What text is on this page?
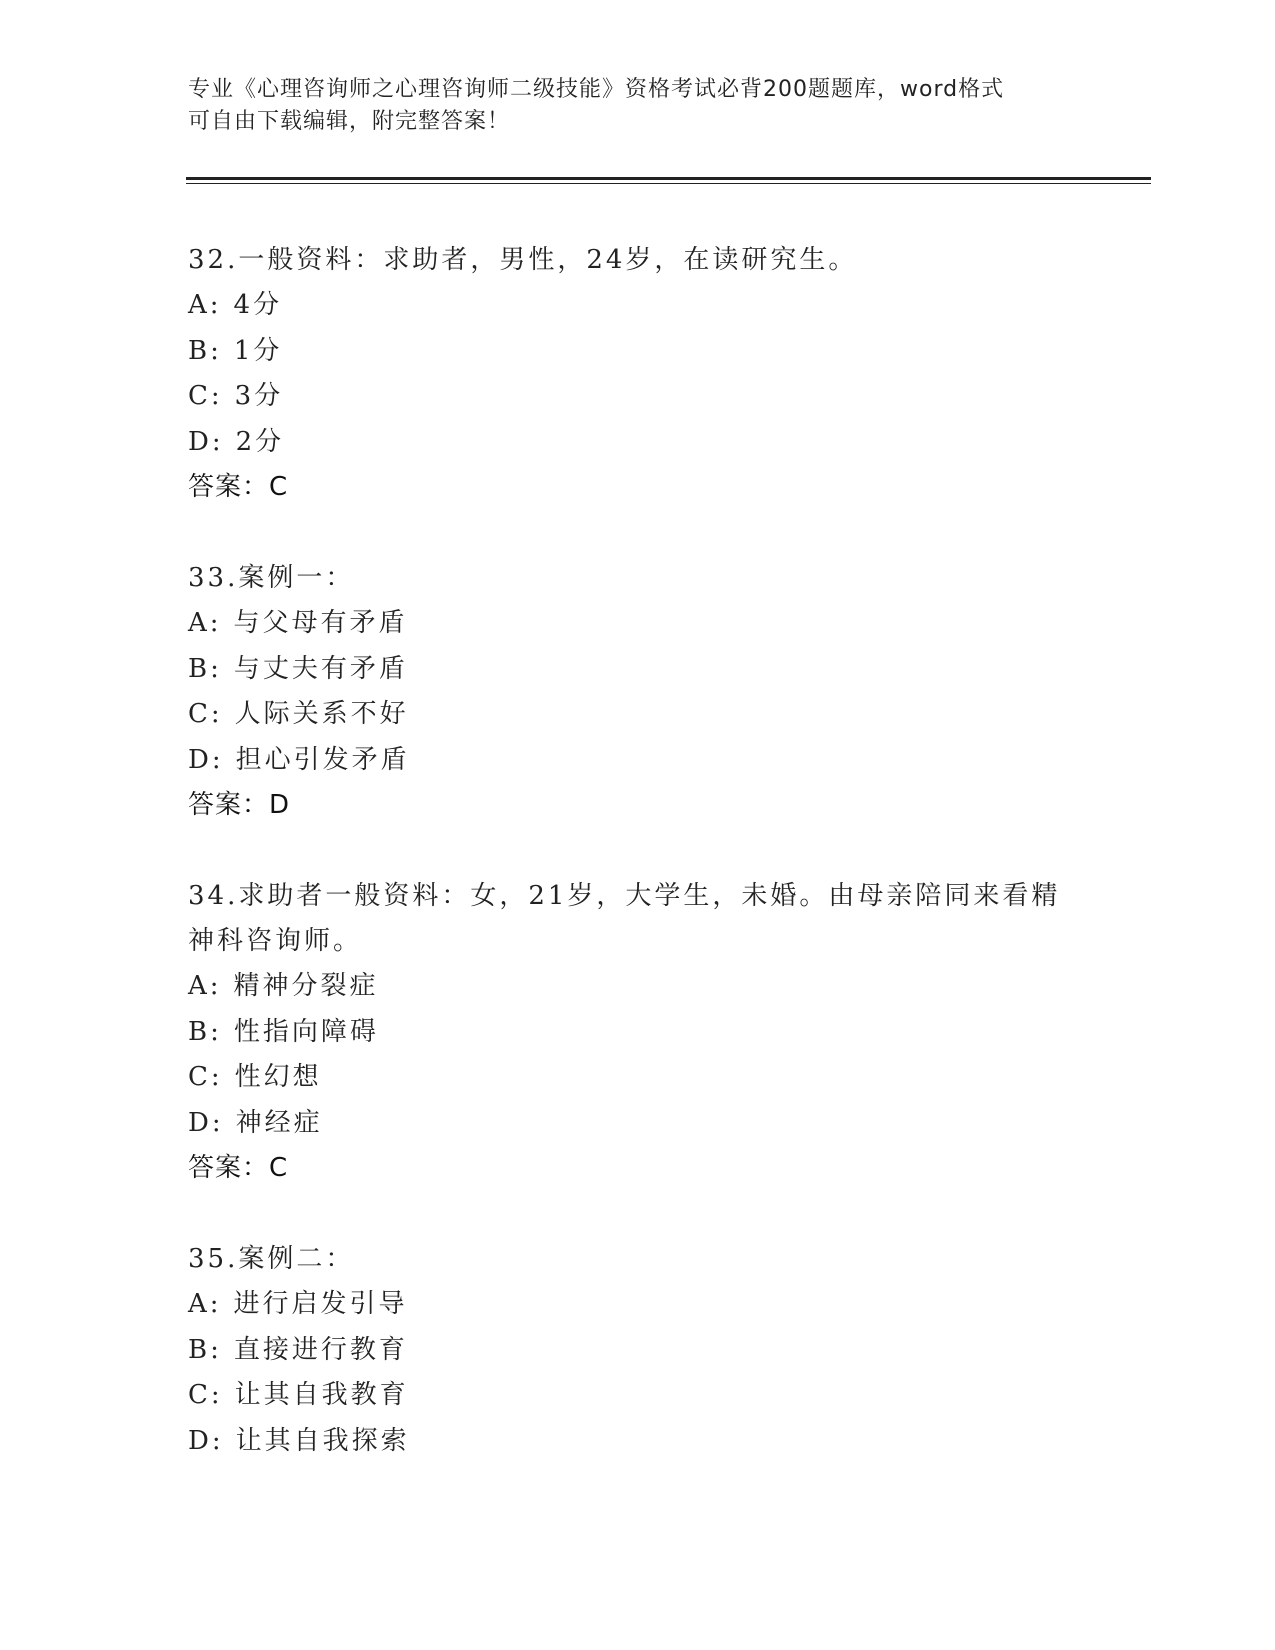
专业《心理咨询师之心理咨询师二级技能》资格考试必背200题题库，word格式
可自由下载编辑，附完整答案！
32.一般资料：求助者，男性，24岁，在读研究生。
A: 4分
B: 1分
C: 3分
D: 2分
答案：C
33.案例一：
A: 与父母有矛盾
B: 与丈夫有矛盾
C: 人际关系不好
D: 担心引发矛盾
答案：D
34.求助者一般资料：女，21岁，大学生，未婚。由母亲陪同来看精神科咨询师。
A: 精神分裂症
B: 性指向障碍
C: 性幻想
D: 神经症
答案：C
35.案例二：
A: 进行启发引导
B: 直接进行教育
C: 让其自我教育
D: 让其自我探索
